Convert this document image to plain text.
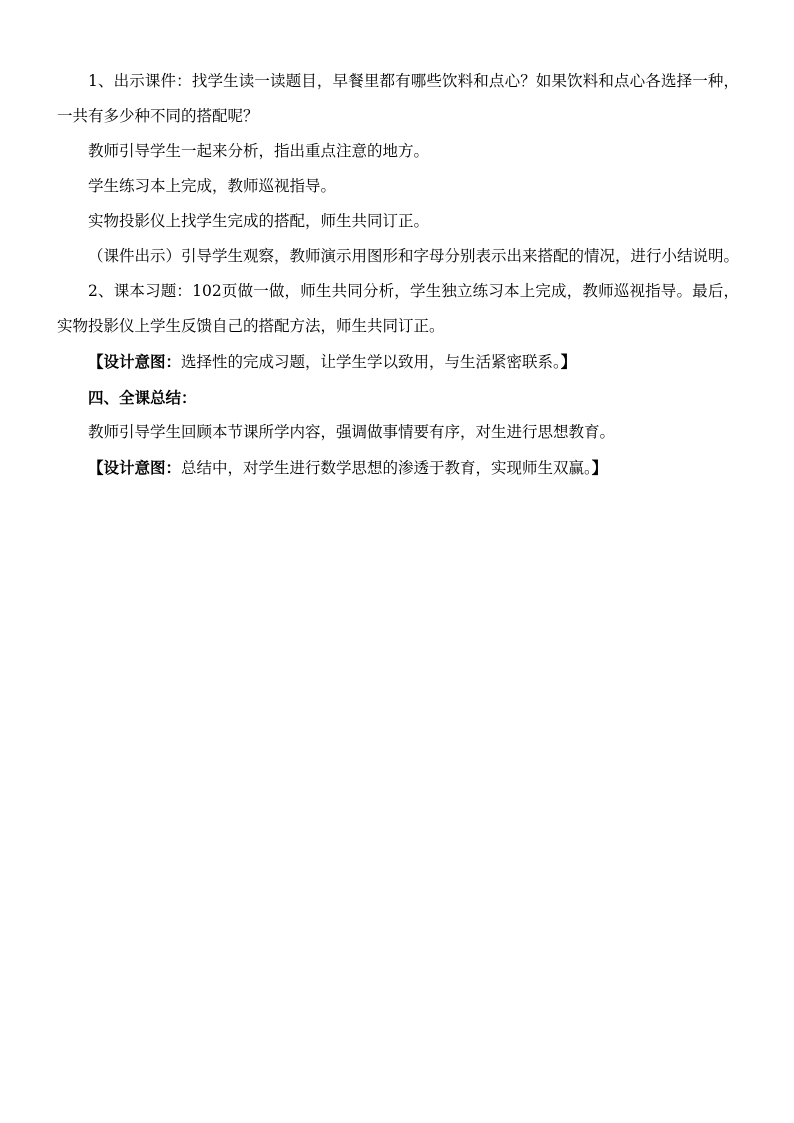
1、出示课件：找学生读一读题目，早餐里都有哪些饮料和点心？如果饮料和点心各选择一种，一共有多少种不同的搭配呢？

教师引导学生一起来分析，指出重点注意的地方。

学生练习本上完成，教师巡视指导。

实物投影仪上找学生完成的搭配，师生共同订正。

（课件出示）引导学生观察，教师演示用图形和字母分别表示出来搭配的情况，进行小结说明。

2、课本习题：102页做一做，师生共同分析，学生独立练习本上完成，教师巡视指导。最后，实物投影仪上学生反馈自己的搭配方法，师生共同订正。

【设计意图：选择性的完成习题，让学生学以致用，与生活紧密联系。】

四、全课总结：

教师引导学生回顾本节课所学内容，强调做事情要有序，对生进行思想教育。

【设计意图：总结中，对学生进行数学思想的渗透于教育，实现师生双赢。】
